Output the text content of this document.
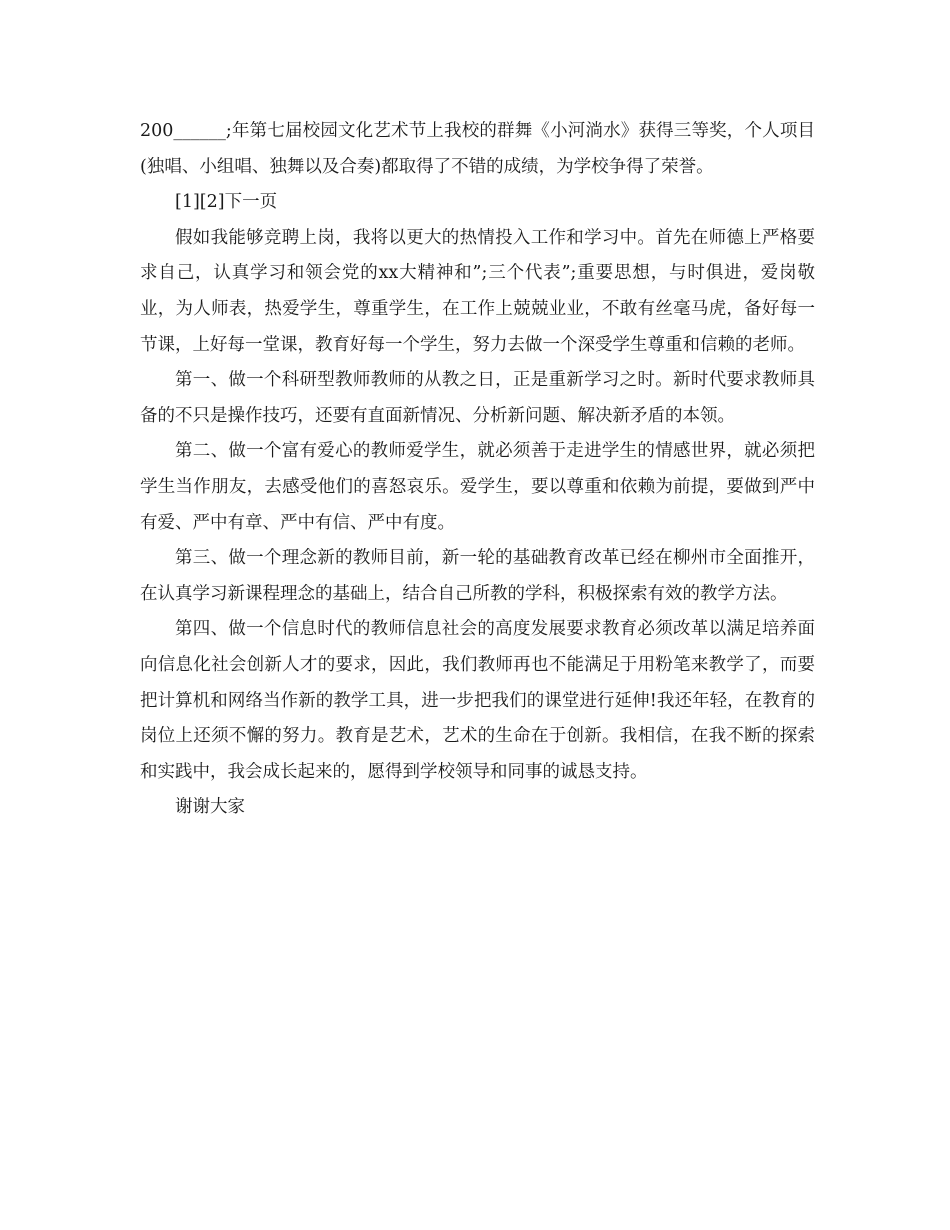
200______;年第七届校园文化艺术节上我校的群舞《小河淌水》获得三等奖，个人项目(独唱、小组唱、独舞以及合奏)都取得了不错的成绩，为学校争得了荣誉。

[1][2]下一页

假如我能够竞聘上岗，我将以更大的热情投入工作和学习中。首先在师德上严格要求自己，认真学习和领会党的xx大精神和”;三个代表”;重要思想，与时俱进，爱岗敬业，为人师表，热爱学生，尊重学生，在工作上兢兢业业，不敢有丝毫马虎，备好每一节课，上好每一堂课，教育好每一个学生，努力去做一个深受学生尊重和信赖的老师。

第一、做一个科研型教师教师的从教之日，正是重新学习之时。新时代要求教师具备的不只是操作技巧，还要有直面新情况、分析新问题、解决新矛盾的本领。

第二、做一个富有爱心的教师爱学生，就必须善于走进学生的情感世界，就必须把学生当作朋友，去感受他们的喜怒哀乐。爱学生，要以尊重和依赖为前提，要做到严中有爱、严中有章、严中有信、严中有度。

第三、做一个理念新的教师目前，新一轮的基础教育改革已经在柳州市全面推开，在认真学习新课程理念的基础上，结合自己所教的学科，积极探索有效的教学方法。

第四、做一个信息时代的教师信息社会的高度发展要求教育必须改革以满足培养面向信息化社会创新人才的要求，因此，我们教师再也不能满足于用粉笔来教学了，而要把计算机和网络当作新的教学工具，进一步把我们的课堂进行延伸!我还年轻，在教育的岗位上还须不懈的努力。教育是艺术，艺术的生命在于创新。我相信，在我不断的探索和实践中，我会成长起来的，愿得到学校领导和同事的诚恳支持。

谢谢大家
